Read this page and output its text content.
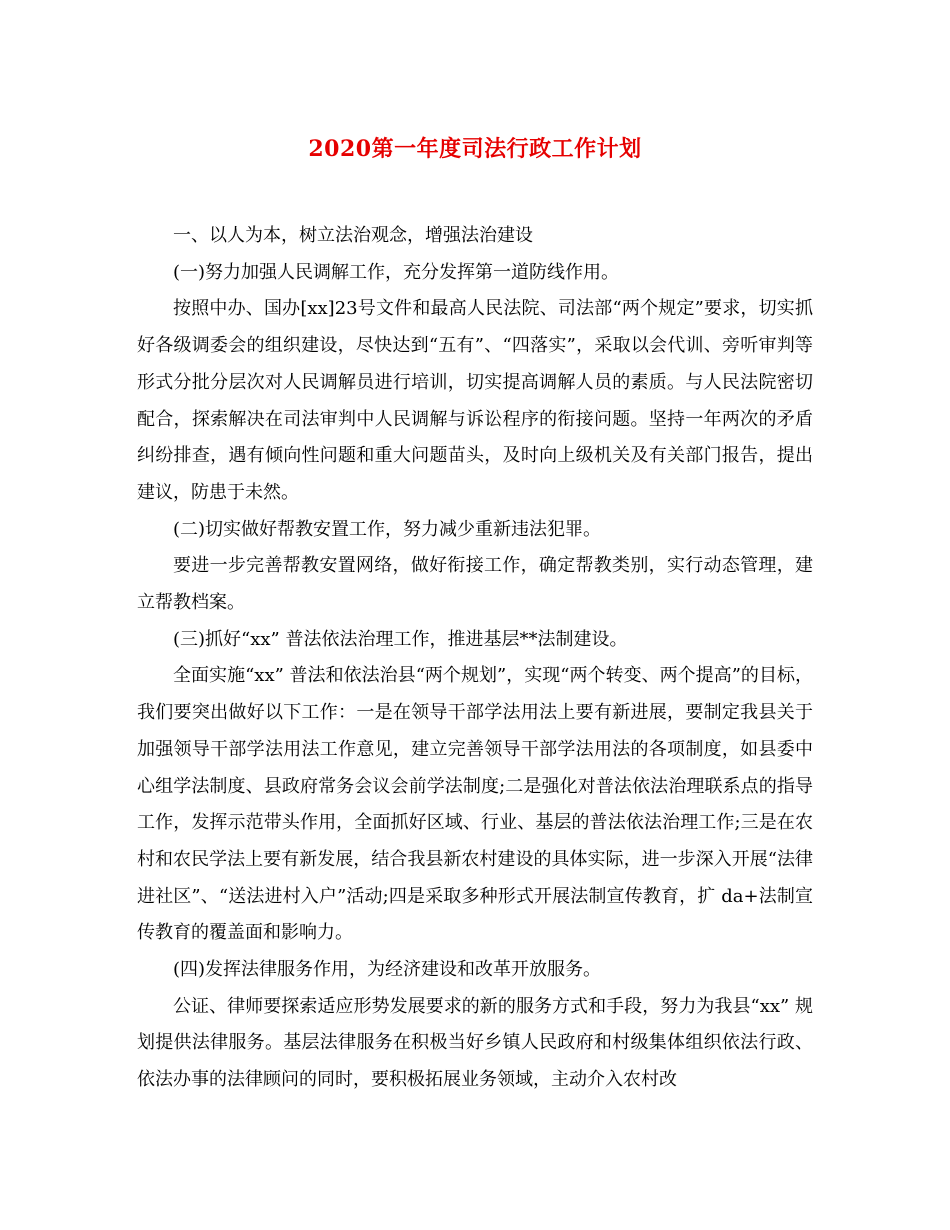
2020第一年度司法行政工作计划

一、以人为本，树立法治观念，增强法治建设

(一)努力加强人民调解工作，充分发挥第一道防线作用。

按照中办、国办[xx]23号文件和最高人民法院、司法部“两个规定”要求，切实抓好各级调委会的组织建设，尽快达到“五有”、“四落实”，采取以会代训、旁听审判等形式分批分层次对人民调解员进行培训，切实提高调解人员的素质。与人民法院密切配合，探索解决在司法审判中人民调解与诉讼程序的衔接问题。坚持一年两次的矛盾纠纷排查，遇有倾向性问题和重大问题苗头，及时向上级机关及有关部门报告，提出建议，防患于未然。

(二)切实做好帮教安置工作，努力减少重新违法犯罪。

要进一步完善帮教安置网络，做好衔接工作，确定帮教类别，实行动态管理，建立帮教档案。

(三)抓好“xx” 普法依法治理工作，推进基层**法制建设。

全面实施“xx” 普法和依法治县“两个规划”，实现“两个转变、两个提高”的目标，我们要突出做好以下工作：一是在领导干部学法用法上要有新进展，要制定我县关于加强领导干部学法用法工作意见，建立完善领导干部学法用法的各项制度，如县委中心组学法制度、县政府常务会议会前学法制度;二是强化对普法依法治理联系点的指导工作，发挥示范带头作用，全面抓好区域、行业、基层的普法依法治理工作;三是在农村和农民学法上要有新发展，结合我县新农村建设的具体实际，进一步深入开展“法律进社区”、“送法进村入户”活动;四是采取多种形式开展法制宣传教育，扩 da+法制宣传教育的覆盖面和影响力。

(四)发挥法律服务作用，为经济建设和改革开放服务。

公证、律师要探索适应形势发展要求的新的服务方式和手段，努力为我县“xx” 规划提供法律服务。基层法律服务在积极当好乡镇人民政府和村级集体组织依法行政、依法办事的法律顾问的同时，要积极拓展业务领域，主动介入农村改
